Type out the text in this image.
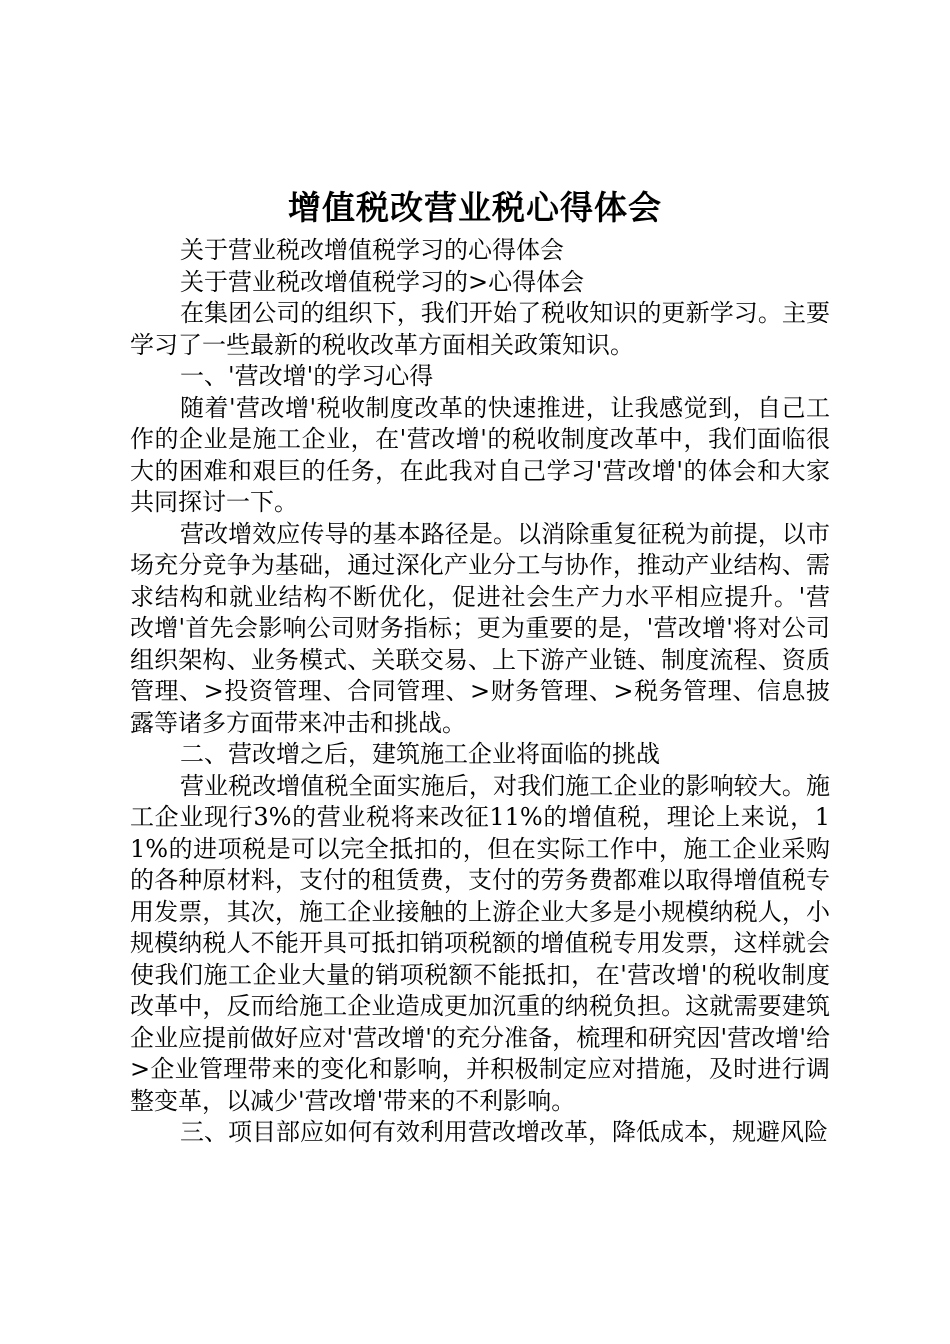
增值税改营业税心得体会

关于营业税改增值税学习的心得体会

关于营业税改增值税学习的>心得体会

在集团公司的组织下，我们开始了税收知识的更新学习。主要学习了一些最新的税收改革方面相关政策知识。

一、'营改增'的学习心得

随着'营改增'税收制度改革的快速推进，让我感觉到，自己工作的企业是施工企业，在'营改增'的税收制度改革中，我们面临很大的困难和艰巨的任务，在此我对自己学习'营改增'的体会和大家共同探讨一下。

营改增效应传导的基本路径是。以消除重复征税为前提，以市场充分竞争为基础，通过深化产业分工与协作，推动产业结构、需求结构和就业结构不断优化，促进社会生产力水平相应提升。'营改增'首先会影响公司财务指标；更为重要的是，'营改增'将对公司组织架构、业务模式、关联交易、上下游产业链、制度流程、资质管理、>投资管理、合同管理、>财务管理、>税务管理、信息披露等诸多方面带来冲击和挑战。

二、营改增之后，建筑施工企业将面临的挑战

营业税改增值税全面实施后，对我们施工企业的影响较大。施工企业现行3%的营业税将来改征11%的增值税，理论上来说，11%的进项税是可以完全抵扣的，但在实际工作中，施工企业采购的各种原材料，支付的租赁费，支付的劳务费都难以取得增值税专用发票，其次，施工企业接触的上游企业大多是小规模纳税人，小规模纳税人不能开具可抵扣销项税额的增值税专用发票，这样就会使我们施工企业大量的销项税额不能抵扣，在'营改增'的税收制度改革中，反而给施工企业造成更加沉重的纳税负担。这就需要建筑企业应提前做好应对'营改增'的充分准备，梳理和研究因'营改增'给>企业管理带来的变化和影响，并积极制定应对措施，及时进行调整变革，以减少'营改增'带来的不利影响。

三、项目部应如何有效利用营改增改革，降低成本，规避风险
